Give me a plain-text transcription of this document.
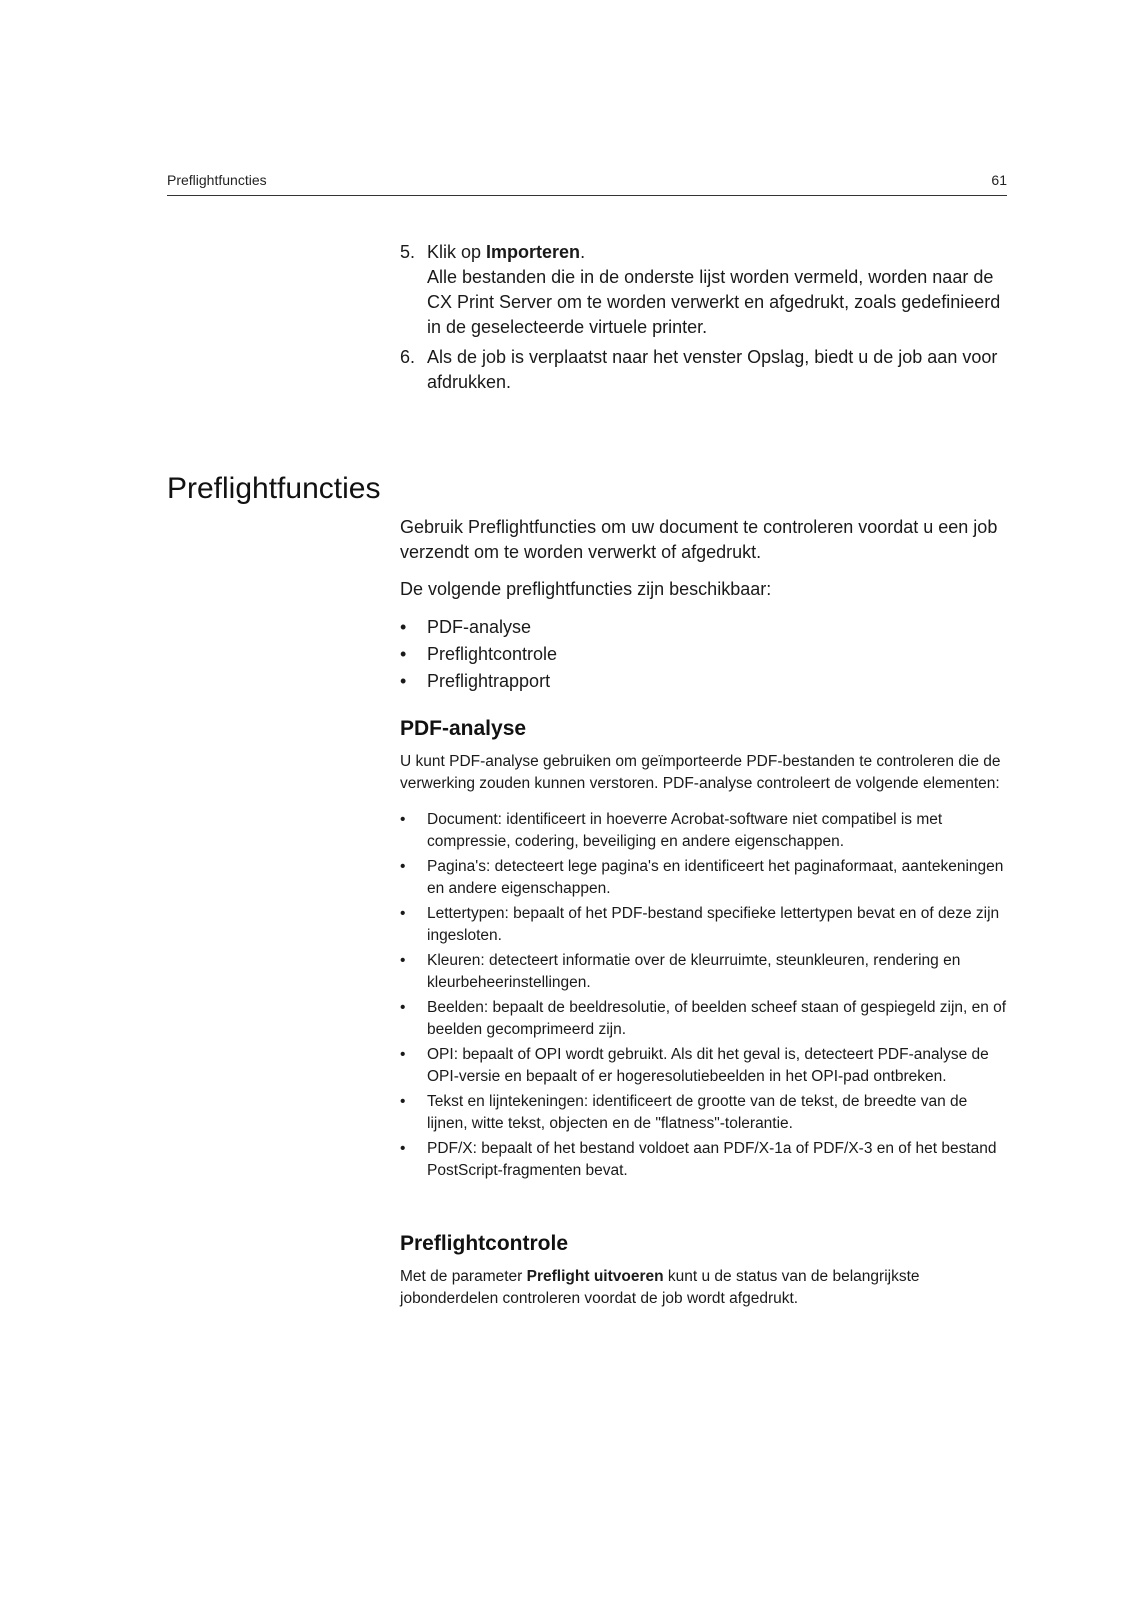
Preflightfuncties	61
5. Klik op Importeren.
Alle bestanden die in de onderste lijst worden vermeld, worden naar de CX Print Server om te worden verwerkt en afgedrukt, zoals gedefinieerd in de geselecteerde virtuele printer.
6. Als de job is verplaatst naar het venster Opslag, biedt u de job aan voor afdrukken.
Preflightfuncties

Gebruik Preflightfuncties om uw document te controleren voordat u een job verzendt om te worden verwerkt of afgedrukt.

De volgende preflightfuncties zijn beschikbaar:

•	PDF-analyse
•	Preflightcontrole
•	Preflightrapport
PDF-analyse

U kunt PDF-analyse gebruiken om geïmporteerde PDF-bestanden te controleren die de verwerking zouden kunnen verstoren. PDF-analyse controleert de volgende elementen:

•	Document: identificeert in hoeverre Acrobat-software niet compatibel is met compressie, codering, beveiliging en andere eigenschappen.
•	Pagina's: detecteert lege pagina's en identificeert het paginaformaat, aantekeningen en andere eigenschappen.
•	Lettertypen: bepaalt of het PDF-bestand specifieke lettertypen bevat en of deze zijn ingesloten.
•	Kleuren: detecteert informatie over de kleurruimte, steunkleuren, rendering en kleurbeheerinstellingen.
•	Beelden: bepaalt de beeldresolutie, of beelden scheef staan of gespiegeld zijn, en of beelden gecomprimeerd zijn.
•	OPI: bepaalt of OPI wordt gebruikt. Als dit het geval is, detecteert PDF-analyse de OPI-versie en bepaalt of er hogeresolutiebeelden in het OPI-pad ontbreken.
•	Tekst en lijntekeningen: identificeert de grootte van de tekst, de breedte van de lijnen, witte tekst, objecten en de "flatness"-tolerantie.
•	PDF/X: bepaalt of het bestand voldoet aan PDF/X-1a of PDF/X-3 en of het bestand PostScript-fragmenten bevat.
Preflightcontrole

Met de parameter Preflight uitvoeren kunt u de status van de belangrijkste jobonderdelen controleren voordat de job wordt afgedrukt.
